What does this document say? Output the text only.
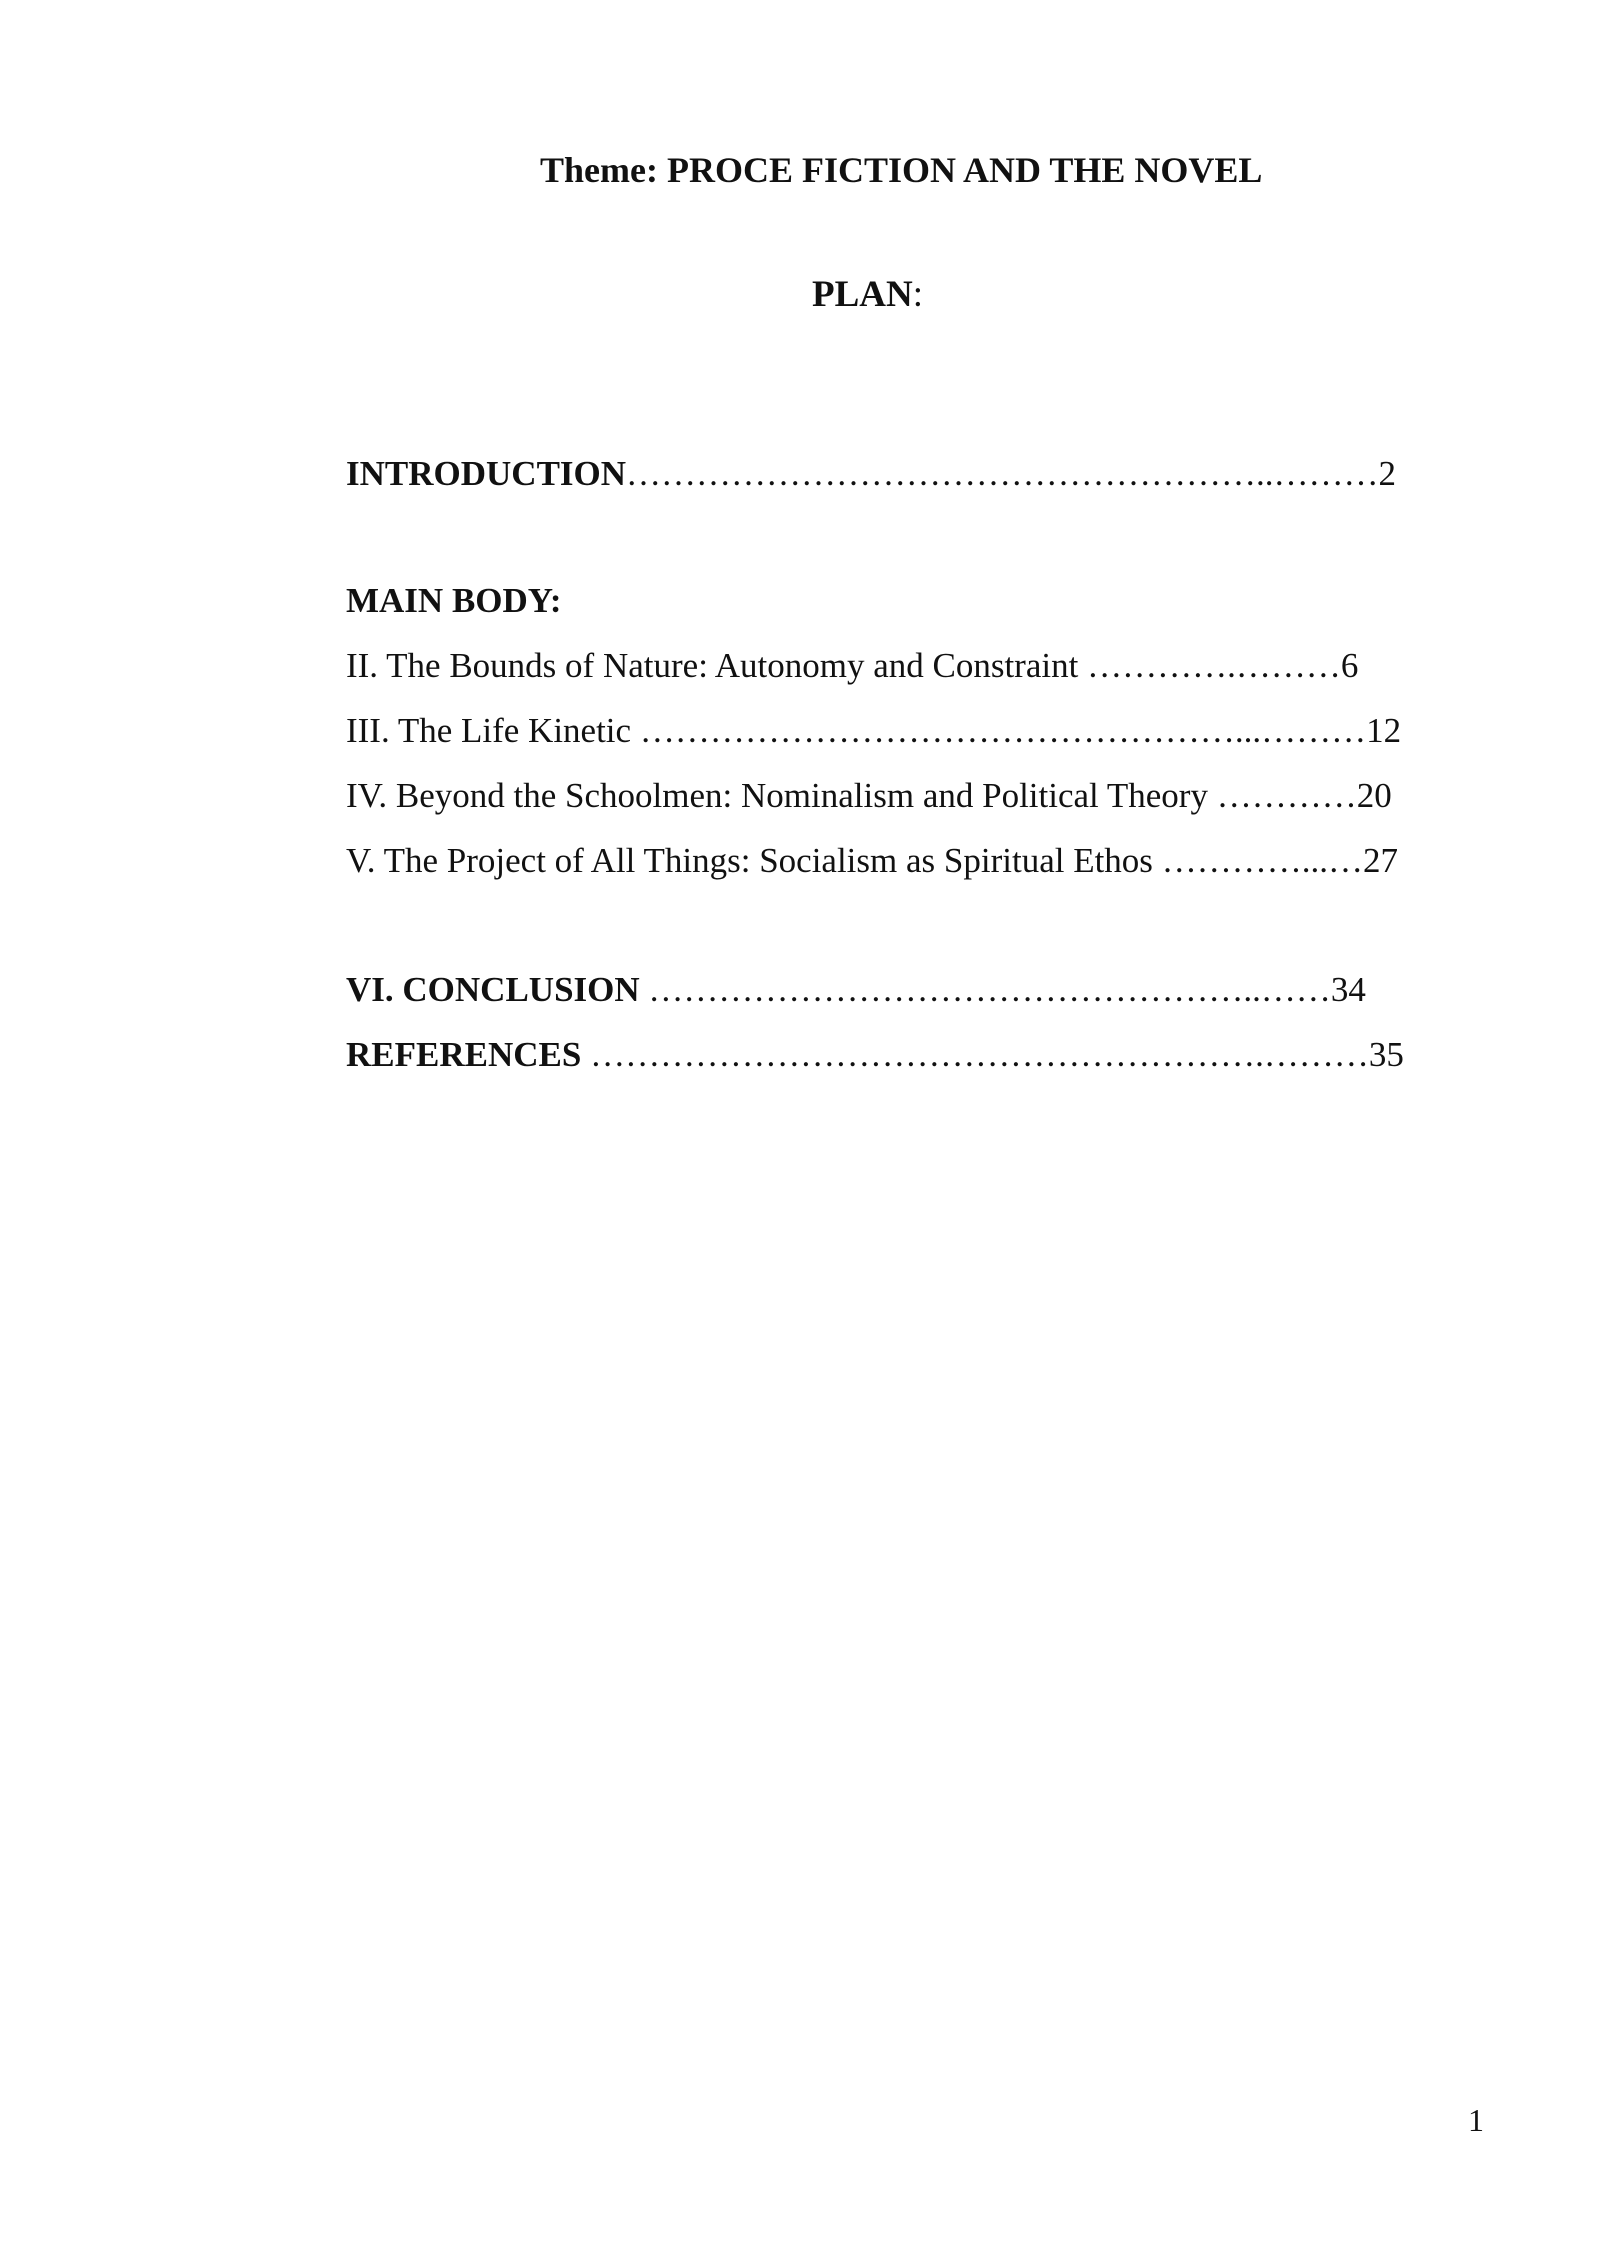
Theme: PROCE FICTION AND THE NOVEL
PLAN:
INTRODUCTION………………………………………………..………2
MAIN BODY:
II. The Bounds of Nature: Autonomy and Constraint ………….………6
III. The Life Kinetic ……………………………………………...………12
IV. Beyond the Schoolmen: Nominalism and Political Theory …………20
V. The Project of All Things: Socialism as Spiritual Ethos …………...…27
VI. CONCLUSION ……………………………………………..……34
REFERENCES ………………………………………………….………35
1
